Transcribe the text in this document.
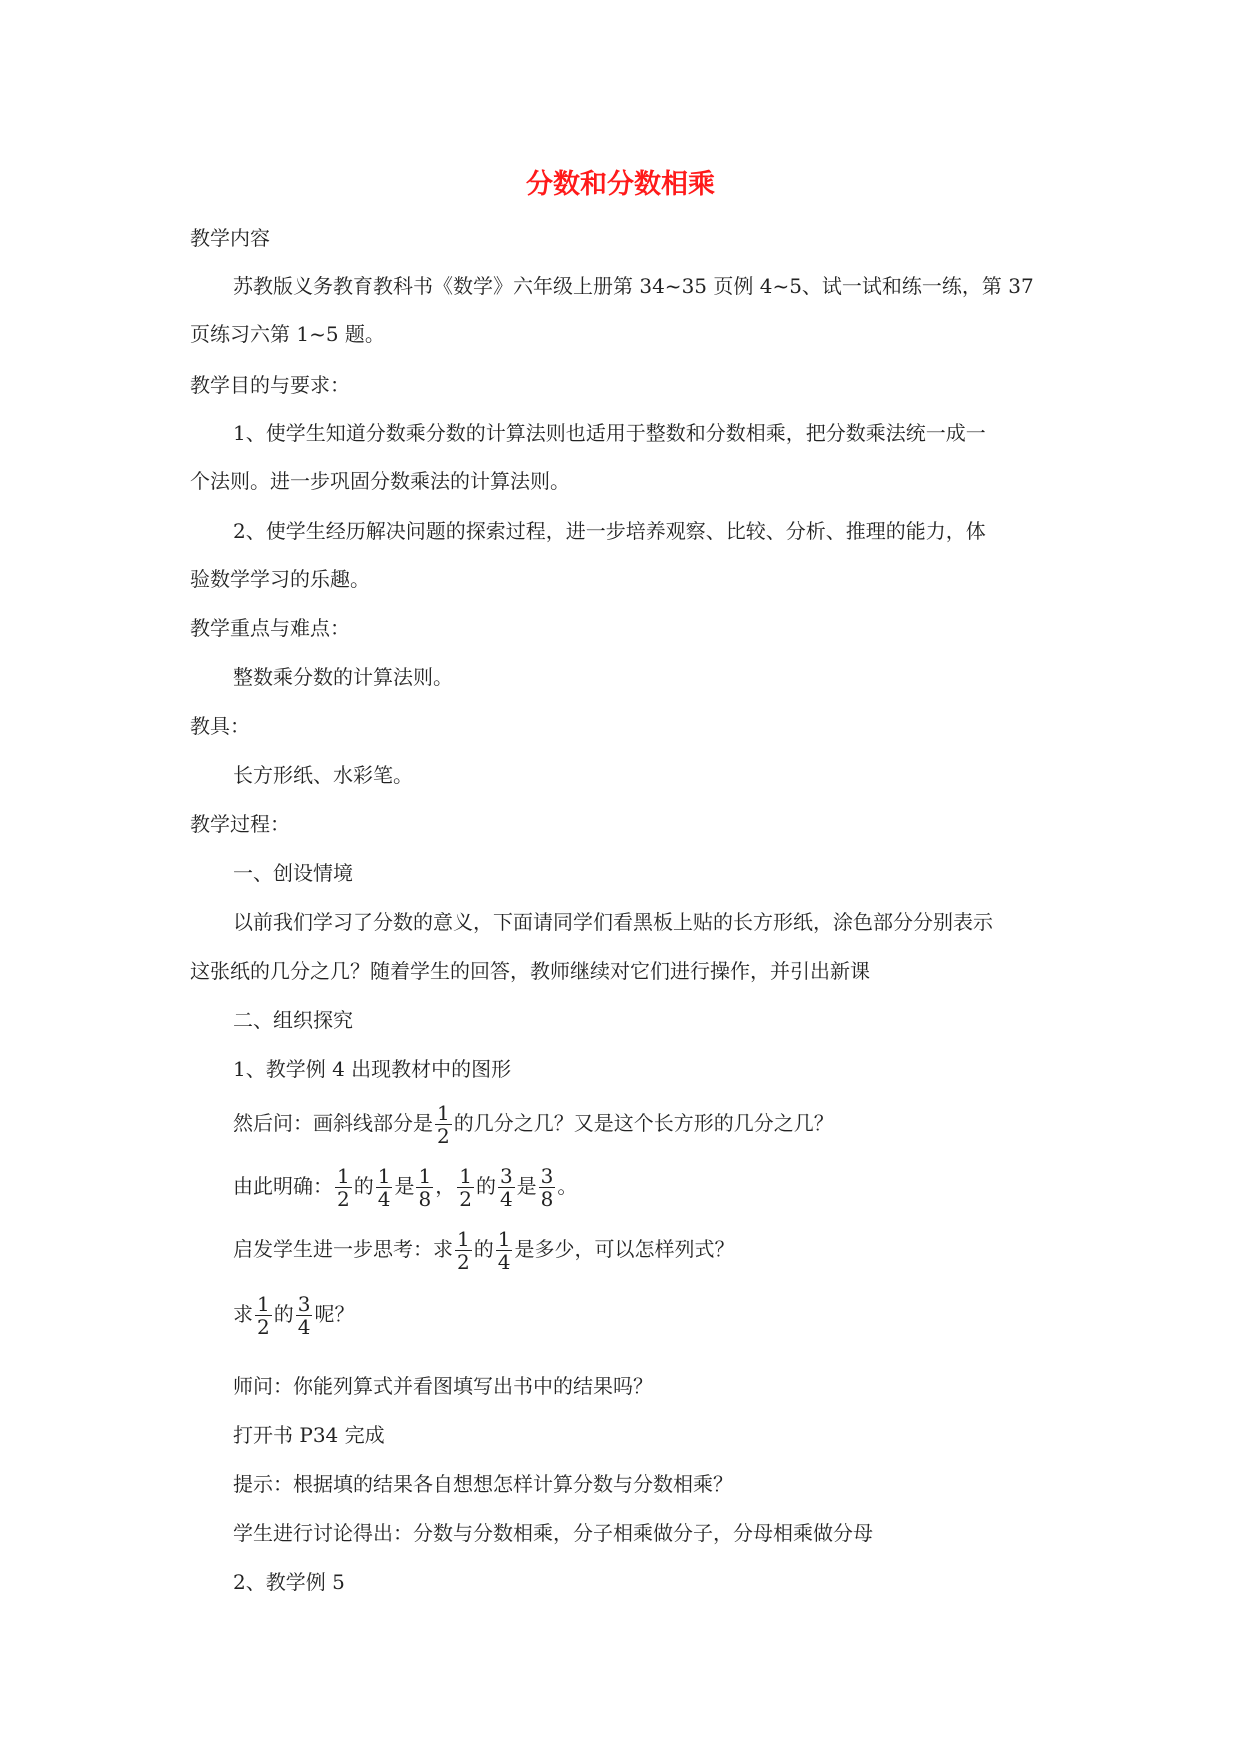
分数和分数相乘
教学内容
苏教版义务教育教科书《数学》六年级上册第 34~35 页例 4~5、试一试和练一练，第 37
页练习六第 1~5 题。
教学目的与要求：
1、使学生知道分数乘分数的计算法则也适用于整数和分数相乘，把分数乘法统一成一
个法则。进一步巩固分数乘法的计算法则。
2、使学生经历解决问题的探索过程，进一步培养观察、比较、分析、推理的能力，体
验数学学习的乐趣。
教学重点与难点：
整数乘分数的计算法则。
教具：
长方形纸、水彩笔。
教学过程：
一、创设情境
以前我们学习了分数的意义，下面请同学们看黑板上贴的长方形纸，涂色部分分别表示
这张纸的几分之几？随着学生的回答，教师继续对它们进行操作，并引出新课
二、组织探究
1、教学例 4 出现教材中的图形
然后问：画斜线部分是 $\frac{1}{2}$ 的几分之几？又是这个长方形的几分之几？
由此明确： $\frac{1}{2}$ 的 $\frac{1}{4}$ 是 $\frac{1}{8}$ ， $\frac{1}{2}$ 的 $\frac{3}{4}$ 是 $\frac{3}{8}$ 。
启发学生进一步思考：求 $\frac{1}{2}$ 的 $\frac{1}{4}$ 是多少，可以怎样列式？
求 $\frac{1}{2}$ 的 $\frac{3}{4}$ 呢？
师问：你能列算式并看图填写出书中的结果吗？
打开书 P34 完成
提示：根据填的结果各自想想怎样计算分数与分数相乘？
学生进行讨论得出：分数与分数相乘，分子相乘做分子，分母相乘做分母
2、教学例 5
